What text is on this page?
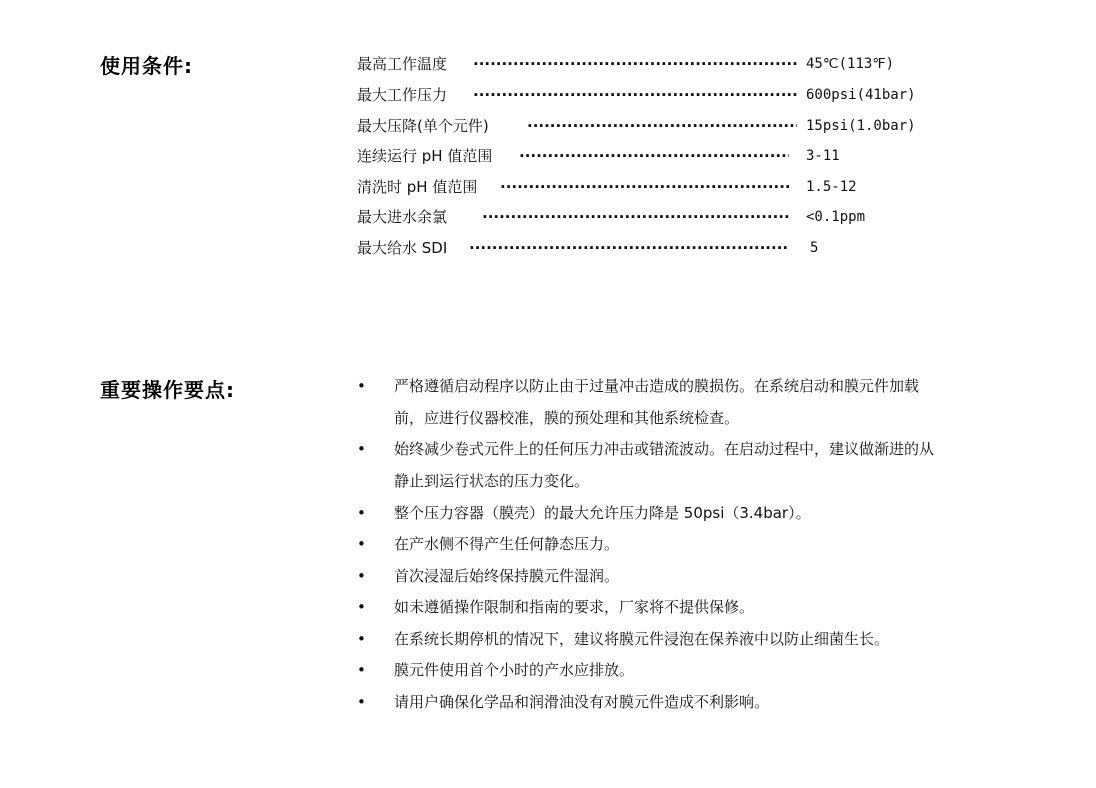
使用条件:	最高工作温度 ·····	45℃(113℉)
最大工作压力 ·····	600psi(41bar)
最大压降(单个元件) ·····	15psi(1.0bar)
连续运行 pH 值范围 ·····	3-11
清洗时 pH 值范围 ·····	1.5-12
最大进水余氯 ·····	<0.1ppm
最大给水 SDI ·····	5
重要操作要点:	• 严格遵循启动程序以防止由于过量冲击造成的膜损伤。在系统启动和膜元件加载前，应进行仪器校准，膜的预处理和其他系统检查。
• 始终减少卷式元件上的任何压力冲击或错流波动。在启动过程中，建议做渐进的从静止到运行状态的压力变化。
• 整个压力容器（膜壳）的最大允许压力降是 50psi（3.4bar）。
• 在产水侧不得产生任何静态压力。
• 首次浸湿后始终保持膜元件湿润。
• 如未遵循操作限制和指南的要求，厂家将不提供保修。
• 在系统长期停机的情况下，建议将膜元件浸泡在保养液中以防止细菌生长。
• 膜元件使用首个小时的产水应排放。
• 请用户确保化学品和润滑油没有对膜元件造成不利影响。
